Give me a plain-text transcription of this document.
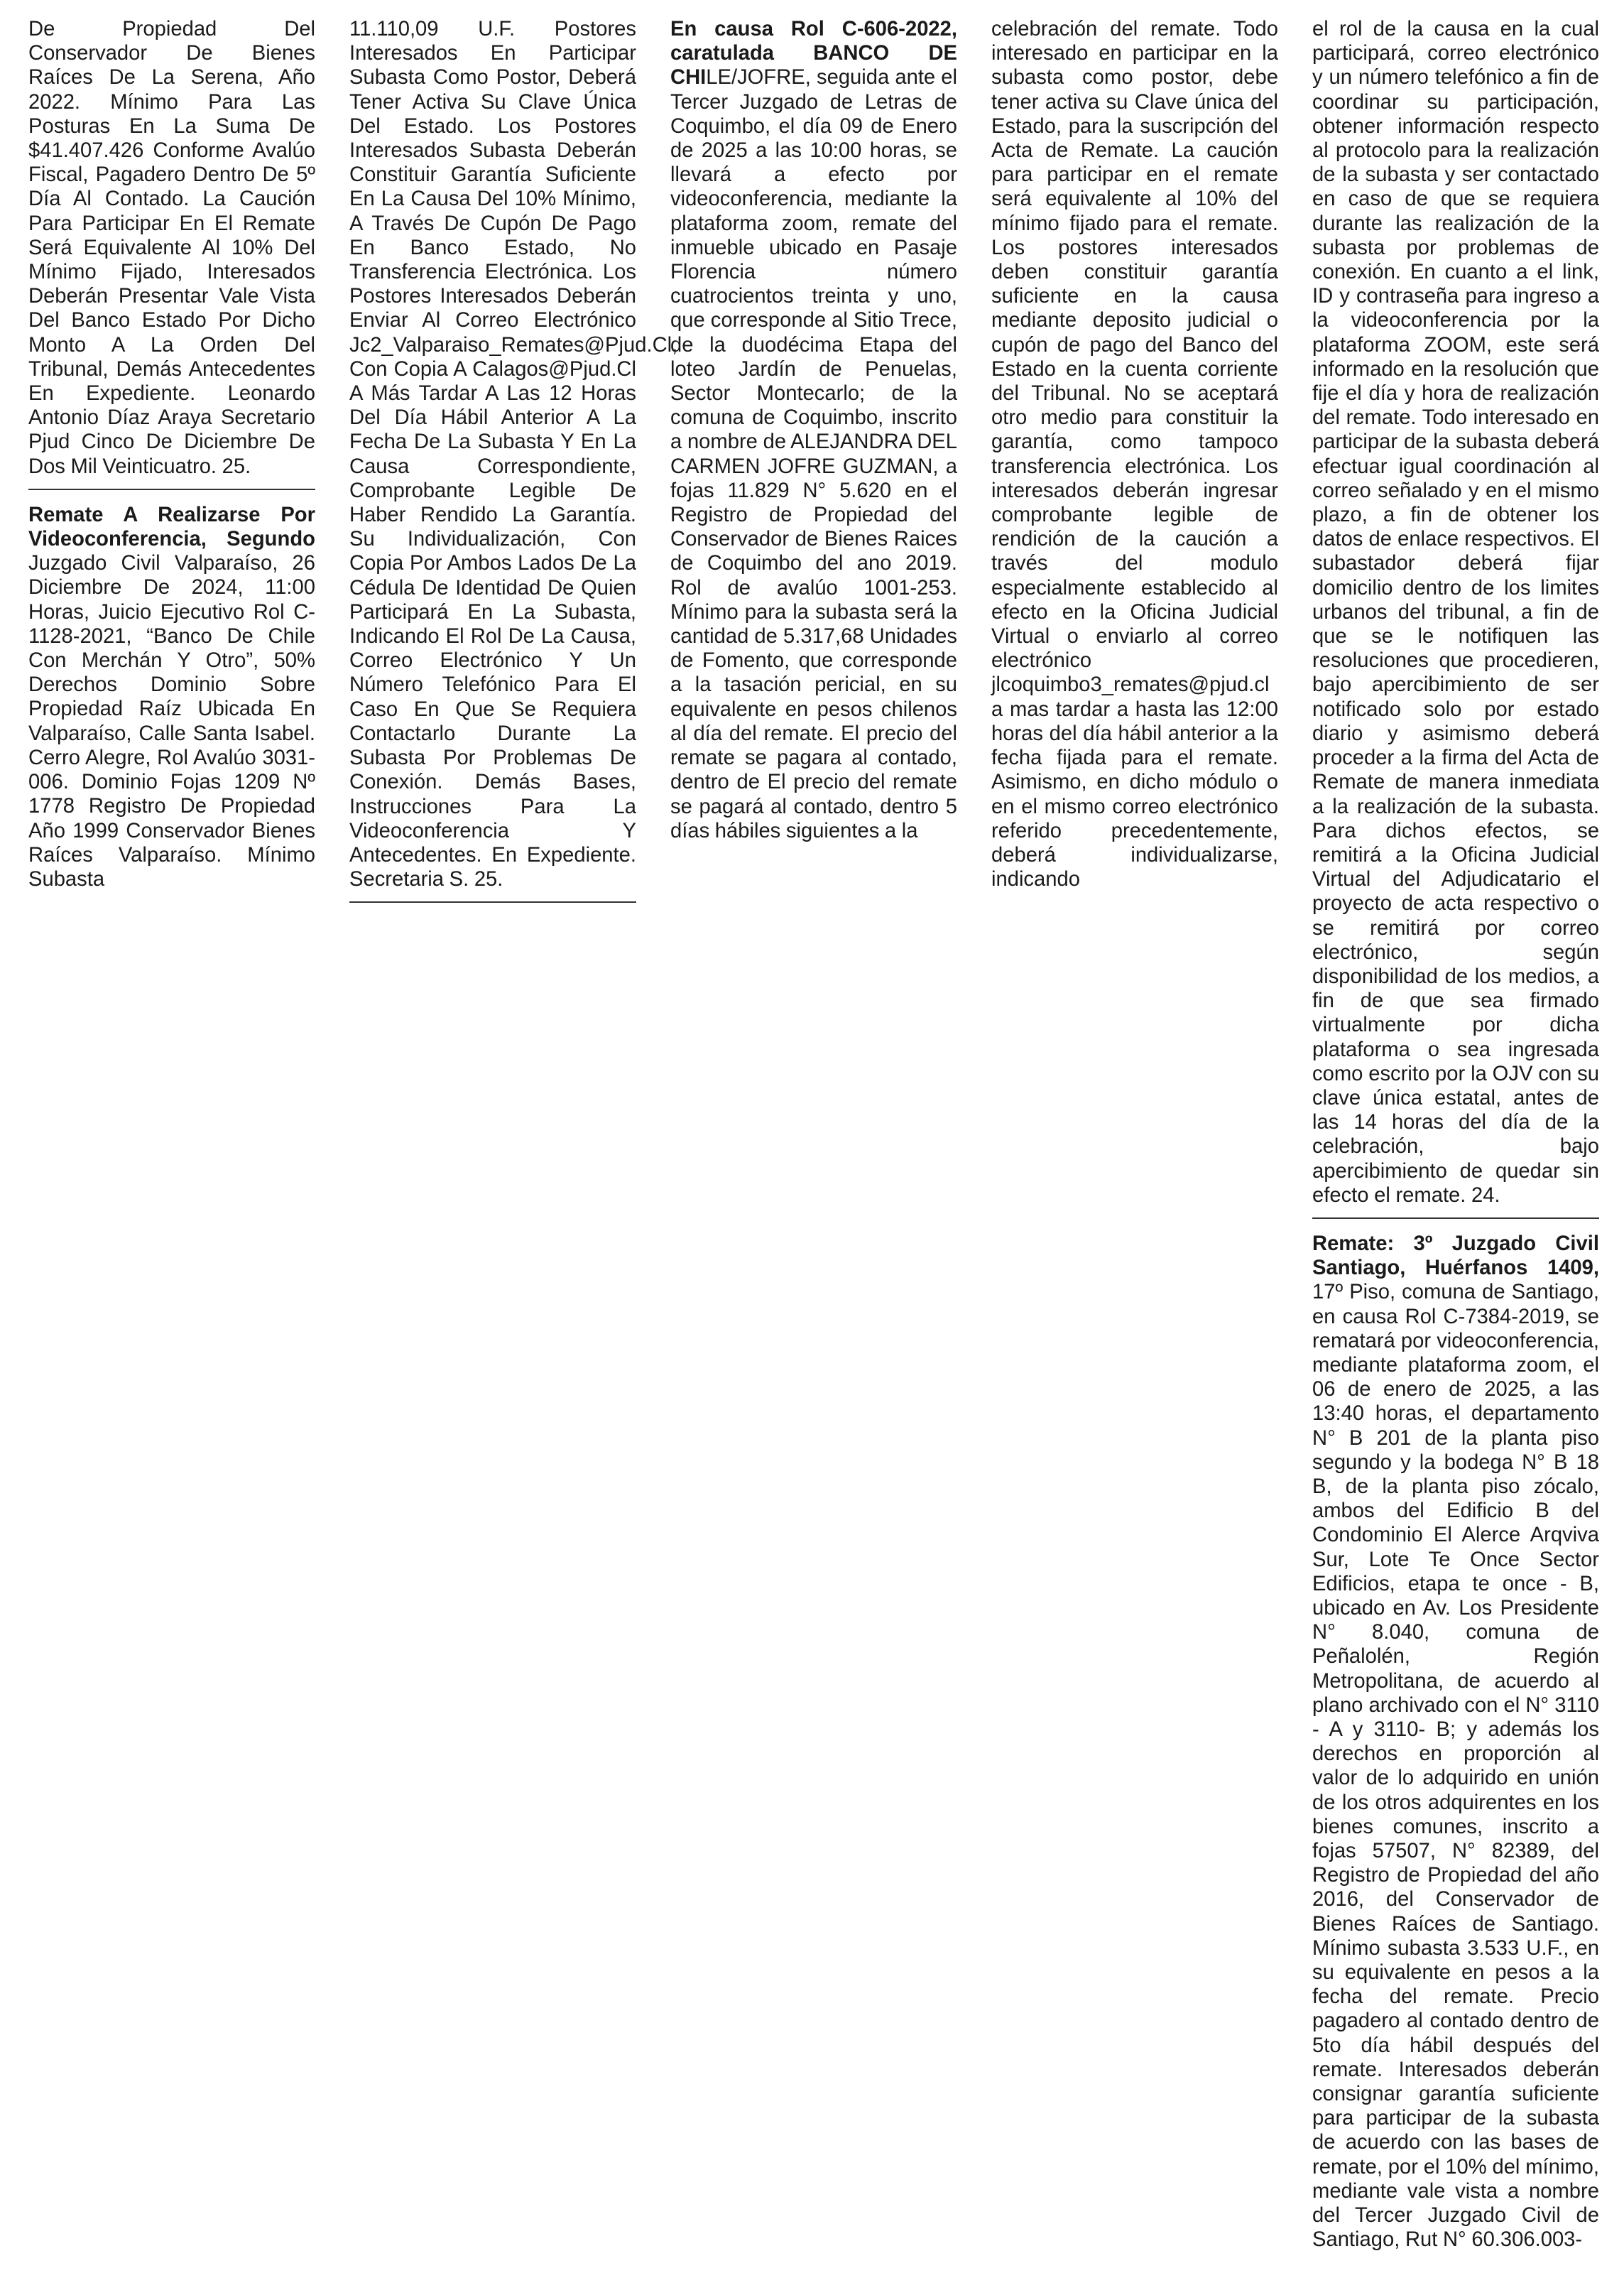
De Propiedad Del Conservador De Bienes Raíces De La Serena, Año 2022. Mínimo Para Las Posturas En La Suma De $41.407.426 Conforme Avalúo Fiscal, Pagadero Dentro De 5º Día Al Contado. La Caución Para Participar En El Remate Será Equivalente Al 10% Del Mínimo Fijado, Interesados Deberán Presentar Vale Vista Del Banco Estado Por Dicho Monto A La Orden Del Tribunal, Demás Antecedentes En Expediente. Leonardo Antonio Díaz Araya Secretario Pjud Cinco De Diciembre De Dos Mil Veinticuatro. 25.

Remate A Realizarse Por Videoconferencia, Segundo Juzgado Civil Valparaíso, 26 Diciembre De 2024, 11:00 Horas, Juicio Ejecutivo Rol C-1128-2021, “Banco De Chile Con Merchán Y Otro”, 50% Derechos Dominio Sobre Propiedad Raíz Ubicada En Valparaíso, Calle Santa Isabel. Cerro Alegre, Rol Avalúo 3031-006. Dominio Fojas 1209 Nº 1778 Registro De Propiedad Año 1999 Conservador Bienes Raíces Valparaíso. Mínimo Subasta

11.110,09 U.F. Postores Interesados En Participar Subasta Como Postor, Deberá Tener Activa Su Clave Única Del Estado. Los Postores Interesados Subasta Deberán Constituir Garantía Suficiente En La Causa Del 10% Mínimo, A Través De Cupón De Pago En Banco Estado, No Transferencia Electrónica. Los Postores Interesados Deberán Enviar Al Correo Electrónico Jc2_Valparaiso_Remates@Pjud.Cl, Con Copia A Calagos@Pjud.Cl A Más Tardar A Las 12 Horas Del Día Hábil Anterior A La Fecha De La Subasta Y En La Causa Correspondiente, Comprobante Legible De Haber Rendido La Garantía. Su Individualización, Con Copia Por Ambos Lados De La Cédula De Identidad De Quien Participará En La Subasta, Indicando El Rol De La Causa, Correo Electrónico Y Un Número Telefónico Para El Caso En Que Se Requiera Contactarlo Durante La Subasta Por Problemas De Conexión. Demás Bases, Instrucciones Para La Videoconferencia Y Antecedentes. En Expediente. Secretaria S. 25.

En causa Rol C-606-2022, caratulada BANCO DE CHILE/JOFRE, seguida ante el Tercer Juzgado de Letras de Coquimbo, el día 09 de Enero de 2025 a las 10:00 horas, se llevará a efecto por videoconferencia, mediante la plataforma zoom, remate del inmueble ubicado en Pasaje Florencia número cuatrocientos treinta y uno, que corresponde al Sitio Trece, de la duodécima Etapa del loteo Jardín de Penuelas, Sector Montecarlo; de la comuna de Coquimbo, inscrito a nombre de ALEJANDRA DEL CARMEN JOFRE GUZMAN, a fojas 11.829 N° 5.620 en el Registro de Propiedad del Conservador de Bienes Raices de Coquimbo del ano 2019. Rol de avalúo 1001-253. Mínimo para la subasta será la cantidad de 5.317,68 Unidades de Fomento, que corresponde a la tasación pericial, en su equivalente en pesos chilenos al día del remate. El precio del remate se pagara al contado, dentro de El precio del remate se pagará al contado, dentro 5 días hábiles siguientes a la

celebración del remate. Todo interesado en participar en la subasta como postor, debe tener activa su Clave única del Estado, para la suscripción del Acta de Remate. La caución para participar en el remate será equivalente al 10% del mínimo fijado para el remate. Los postores interesados deben constituir garantía suficiente en la causa mediante deposito judicial o cupón de pago del Banco del Estado en la cuenta corriente del Tribunal. No se aceptará otro medio para constituir la garantía, como tampoco transferencia electrónica. Los interesados deberán ingresar comprobante legible de rendición de la caución a través del modulo especialmente establecido al efecto en la Oficina Judicial Virtual o enviarlo al correo electrónico jlcoquimbo3_remates@pjud.cl a mas tardar a hasta las 12:00 horas del día hábil anterior a la fecha fijada para el remate. Asimismo, en dicho módulo o en el mismo correo electrónico referido precedentemente, deberá individualizarse, indicando

el rol de la causa en la cual participará, correo electrónico y un número telefónico a fin de coordinar su participación, obtener información respecto al protocolo para la realización de la subasta y ser contactado en caso de que se requiera durante las realización de la subasta por problemas de conexión. En cuanto a el link, ID y contraseña para ingreso a la videoconferencia por la plataforma ZOOM, este será informado en la resolución que fije el día y hora de realización del remate. Todo interesado en participar de la subasta deberá efectuar igual coordinación al correo señalado y en el mismo plazo, a fin de obtener los datos de enlace respectivos. El subastador deberá fijar domicilio dentro de los limites urbanos del tribunal, a fin de que se le notifiquen las resoluciones que procedieren, bajo apercibimiento de ser notificado solo por estado diario y asimismo deberá proceder a la firma del Acta de Remate de manera inmediata a la realización de la subasta. Para dichos efectos, se remitirá a la Oficina Judicial Virtual del Adjudicatario el proyecto de acta respectivo o se remitirá por correo electrónico, según disponibilidad de los medios, a fin de que sea firmado virtualmente por dicha plataforma o sea ingresada como escrito por la OJV con su clave única estatal, antes de las 14 horas del día de la celebración, bajo apercibimiento de quedar sin efecto el remate. 24.

Remate: 3º Juzgado Civil Santiago, Huérfanos 1409, 17º Piso, comuna de Santiago, en causa Rol C-7384-2019, se rematará por videoconferencia, mediante plataforma zoom, el 06 de enero de 2025, a las 13:40 horas, el departamento N° B 201 de la planta piso segundo y la bodega N° B 18 B, de la planta piso zócalo, ambos del Edificio B del Condominio El Alerce Arqviva Sur, Lote Te Once Sector Edificios, etapa te once - B, ubicado en Av. Los Presidente N° 8.040, comuna de Peñalolén, Región Metropolitana, de acuerdo al plano archivado con el N° 3110 - A y 3110- B; y además los derechos en proporción al valor de lo adquirido en unión de los otros adquirentes en los bienes comunes, inscrito a fojas 57507, N° 82389, del Registro de Propiedad del año 2016, del Conservador de Bienes Raíces de Santiago. Mínimo subasta 3.533 U.F., en su equivalente en pesos a la fecha del remate. Precio pagadero al contado dentro de 5to día hábil después del remate. Interesados deberán consignar garantía suficiente para participar de la subasta de acuerdo con las bases de remate, por el 10% del mínimo, mediante vale vista a nombre del Tercer Juzgado Civil de Santiago, Rut N° 60.306.003-
